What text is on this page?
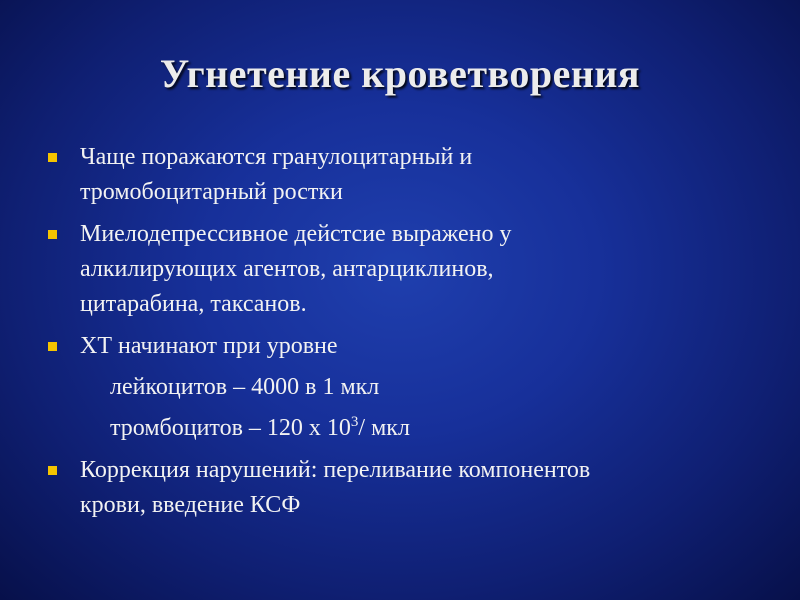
Угнетение кроветворения
Чаще поражаются гранулоцитарный и
тромобоцитарный ростки
Миелодепрессивное дейстсие выражено у
алкилирующих агентов, антарциклинов,
цитарабина, таксанов.
ХТ начинают при уровне
лейкоцитов – 4000 в 1 мкл
тромбоцитов – 120 х $10^3/$ мкл
Коррекция нарушений: переливание компонентов
крови, введение КСФ
